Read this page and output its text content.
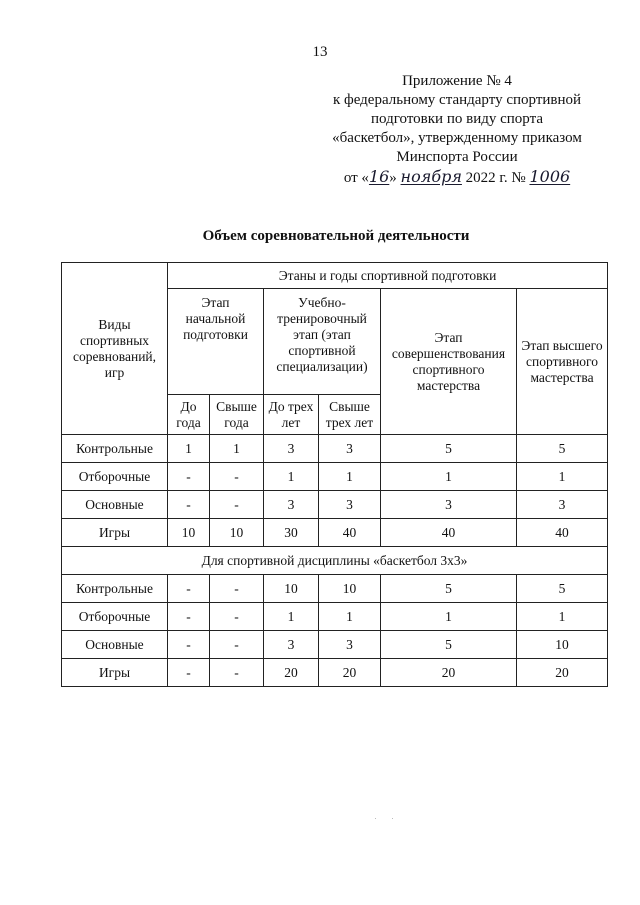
13
Приложение № 4
к федеральному стандарту спортивной
подготовки по виду спорта
«баскетбол», утвержденному приказом
Минспорта России
от «16» ноября 2022 г. № 1006
Объем соревновательной деятельности
Виды спортивных соревнований, игр	Этаны и годы спортивной подготовки					
	Этап начальной подготовки		Учебно-тренировочный этап (этап спортивной специализации)		Этап совершенствования спортивного мастерства	Этап высшего спортивного мастерства
	До года	Свыше года	До трех лет	Свыше трех лет		
Контрольные	1	1	3	3	5	5
Отборочные	-	-	1	1	1	1
Основные	-	-	3	3	3	3
Игры	10	10	30	40	40	40
Для спортивной дисциплины «баскетбол 3х3»						
Контрольные	-	-	10	10	5	5
Отборочные	-	-	1	1	1	1
Основные	-	-	3	3	5	10
Игры	-	-	20	20	20	20
